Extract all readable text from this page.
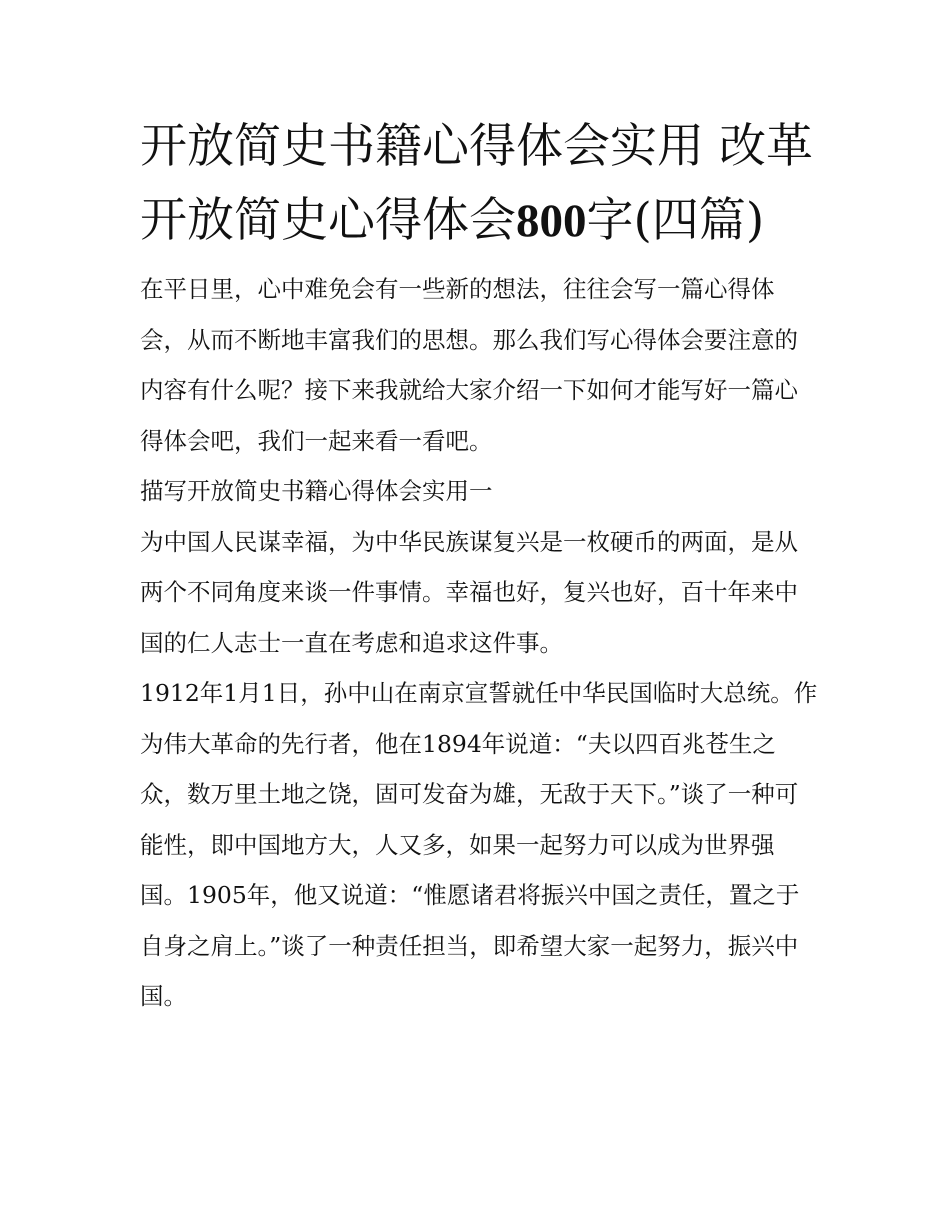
开放简史书籍心得体会实用 改革开放简史心得体会800字(四篇)

在平日里，心中难免会有一些新的想法，往往会写一篇心得体会，从而不断地丰富我们的思想。那么我们写心得体会要注意的内容有什么呢？接下来我就给大家介绍一下如何才能写好一篇心得体会吧，我们一起来看一看吧。

描写开放简史书籍心得体会实用一

为中国人民谋幸福，为中华民族谋复兴是一枚硬币的两面，是从两个不同角度来谈一件事情。幸福也好，复兴也好，百十年来中国的仁人志士一直在考虑和追求这件事。

1912年1月1日，孙中山在南京宣誓就任中华民国临时大总统。作为伟大革命的先行者，他在1894年说道：“夫以四百兆苍生之众，数万里土地之饶，固可发奋为雄，无敌于天下。”谈了一种可能性，即中国地方大，人又多，如果一起努力可以成为世界强国。1905年，他又说道：“惟愿诸君将振兴中国之责任，置之于自身之肩上。”谈了一种责任担当，即希望大家一起努力，振兴中国。
